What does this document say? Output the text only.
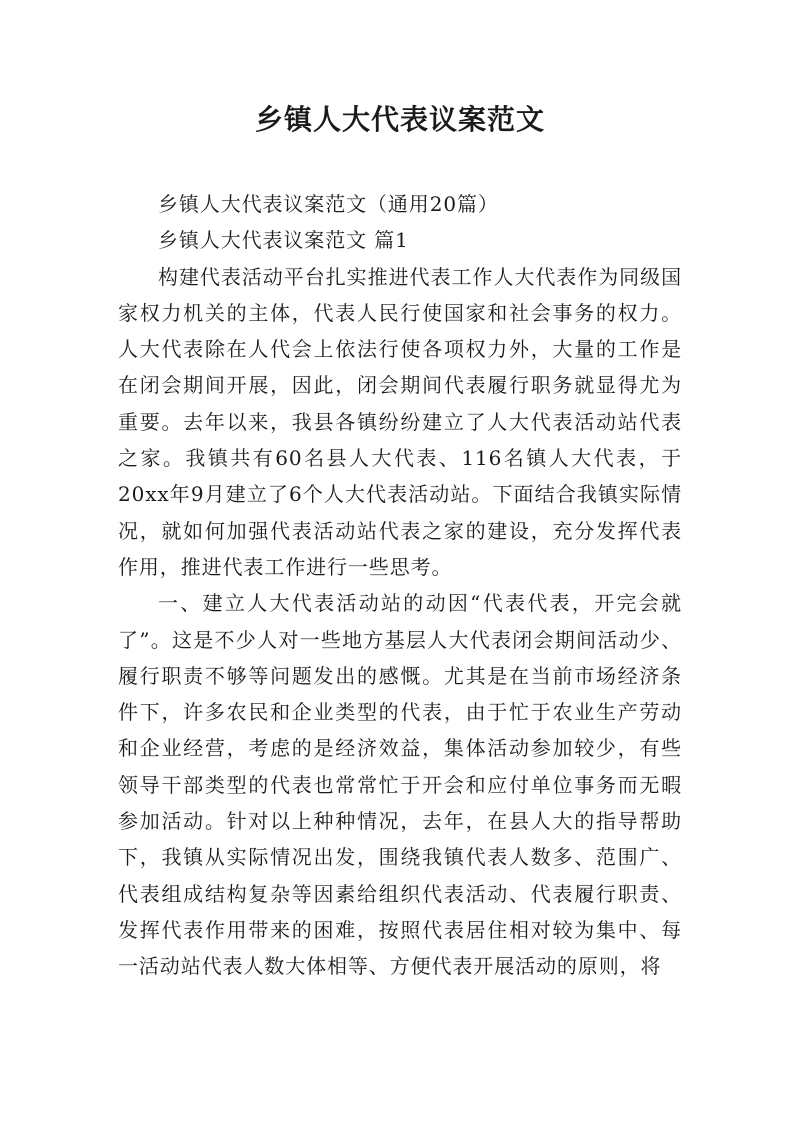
乡镇人大代表议案范文

乡镇人大代表议案范文（通用20篇）

乡镇人大代表议案范文 篇1

构建代表活动平台扎实推进代表工作人大代表作为同级国家权力机关的主体，代表人民行使国家和社会事务的权力。人大代表除在人代会上依法行使各项权力外，大量的工作是在闭会期间开展，因此，闭会期间代表履行职务就显得尤为重要。去年以来，我县各镇纷纷建立了人大代表活动站代表之家。我镇共有60名县人大代表、116名镇人大代表，于20xx年9月建立了6个人大代表活动站。下面结合我镇实际情况，就如何加强代表活动站代表之家的建设，充分发挥代表作用，推进代表工作进行一些思考。

一、建立人大代表活动站的动因“代表代表，开完会就了”。这是不少人对一些地方基层人大代表闭会期间活动少、履行职责不够等问题发出的感慨。尤其是在当前市场经济条件下，许多农民和企业类型的代表，由于忙于农业生产劳动和企业经营，考虑的是经济效益，集体活动参加较少，有些领导干部类型的代表也常常忙于开会和应付单位事务而无暇参加活动。针对以上种种情况，去年，在县人大的指导帮助下，我镇从实际情况出发，围绕我镇代表人数多、范围广、代表组成结构复杂等因素给组织代表活动、代表履行职责、发挥代表作用带来的困难，按照代表居住相对较为集中、每一活动站代表人数大体相等、方便代表开展活动的原则，将
